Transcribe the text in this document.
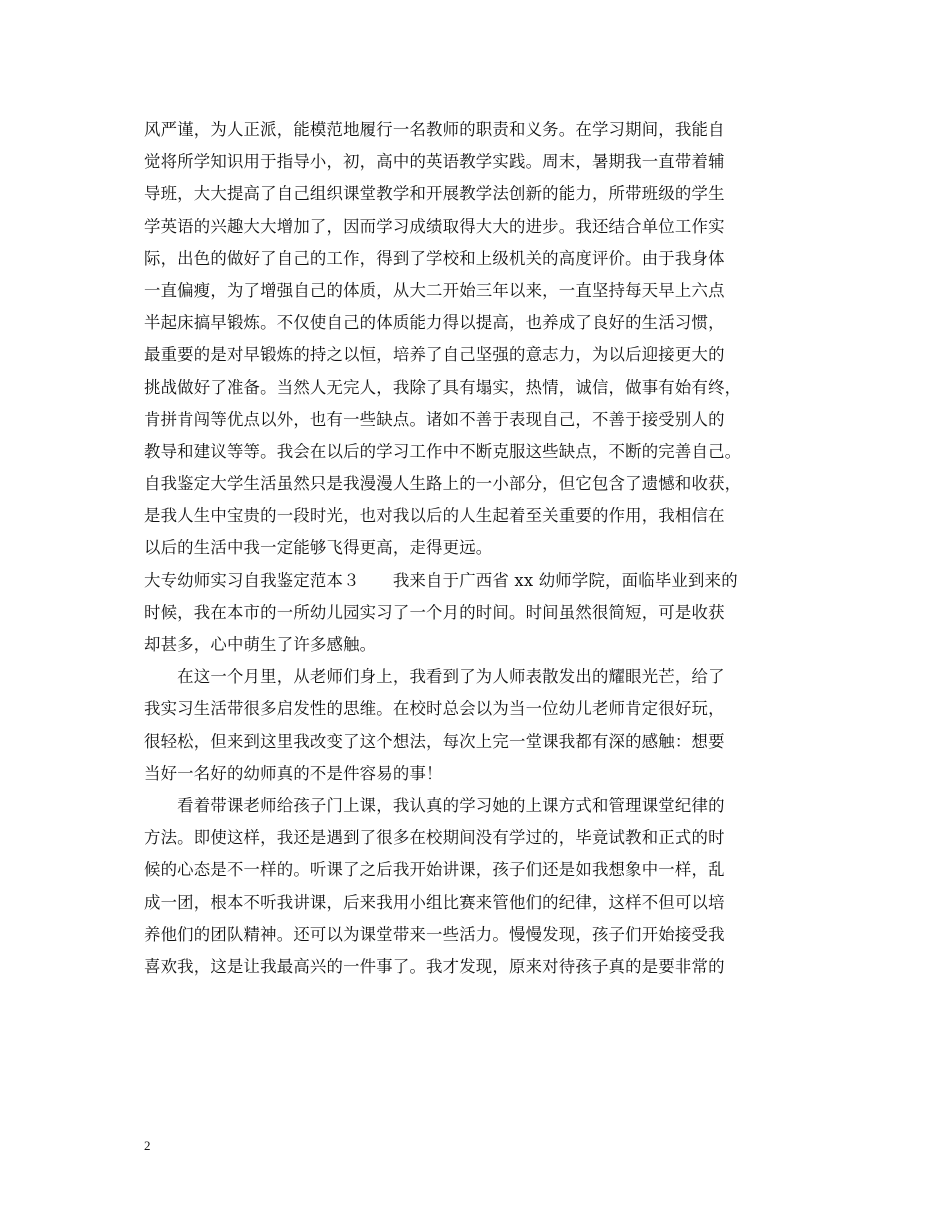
风严谨，为人正派，能模范地履行一名教师的职责和义务。在学习期间，我能自
觉将所学知识用于指导小，初，高中的英语教学实践。周末，暑期我一直带着辅
导班，大大提高了自己组织课堂教学和开展教学法创新的能力，所带班级的学生
学英语的兴趣大大增加了，因而学习成绩取得大大的进步。我还结合单位工作实
际，出色的做好了自己的工作，得到了学校和上级机关的高度评价。由于我身体
一直偏瘦，为了增强自己的体质，从大二开始三年以来，一直坚持每天早上六点
半起床搞早锻炼。不仅使自己的体质能力得以提高，也养成了良好的生活习惯，
最重要的是对早锻炼的持之以恒，培养了自己坚强的意志力，为以后迎接更大的
挑战做好了准备。当然人无完人，我除了具有塌实，热情，诚信，做事有始有终，
肯拼肯闯等优点以外，也有一些缺点。诸如不善于表现自己，不善于接受别人的
教导和建议等等。我会在以后的学习工作中不断克服这些缺点，不断的完善自己。
自我鉴定大学生活虽然只是我漫漫人生路上的一小部分，但它包含了遗憾和收获，
是我人生中宝贵的一段时光，也对我以后的人生起着至关重要的作用，我相信在
以后的生活中我一定能够飞得更高，走得更远。
大专幼师实习自我鉴定范本３　　我来自于广西省 xx 幼师学院，面临毕业到来的
时候，我在本市的一所幼儿园实习了一个月的时间。时间虽然很简短，可是收获
却甚多，心中萌生了许多感触。
　　在这一个月里，从老师们身上，我看到了为人师表散发出的耀眼光芒，给了
我实习生活带很多启发性的思维。在校时总会以为当一位幼儿老师肯定很好玩，
很轻松，但来到这里我改变了这个想法，每次上完一堂课我都有深的感触：想要
当好一名好的幼师真的不是件容易的事！
　　看着带课老师给孩子门上课，我认真的学习她的上课方式和管理课堂纪律的
方法。即使这样，我还是遇到了很多在校期间没有学过的，毕竟试教和正式的时
候的心态是不一样的。听课了之后我开始讲课，孩子们还是如我想象中一样，乱
成一团，根本不听我讲课，后来我用小组比赛来管他们的纪律，这样不但可以培
养他们的团队精神。还可以为课堂带来一些活力。慢慢发现，孩子们开始接受我
喜欢我，这是让我最高兴的一件事了。我才发现，原来对待孩子真的是要非常的
2
